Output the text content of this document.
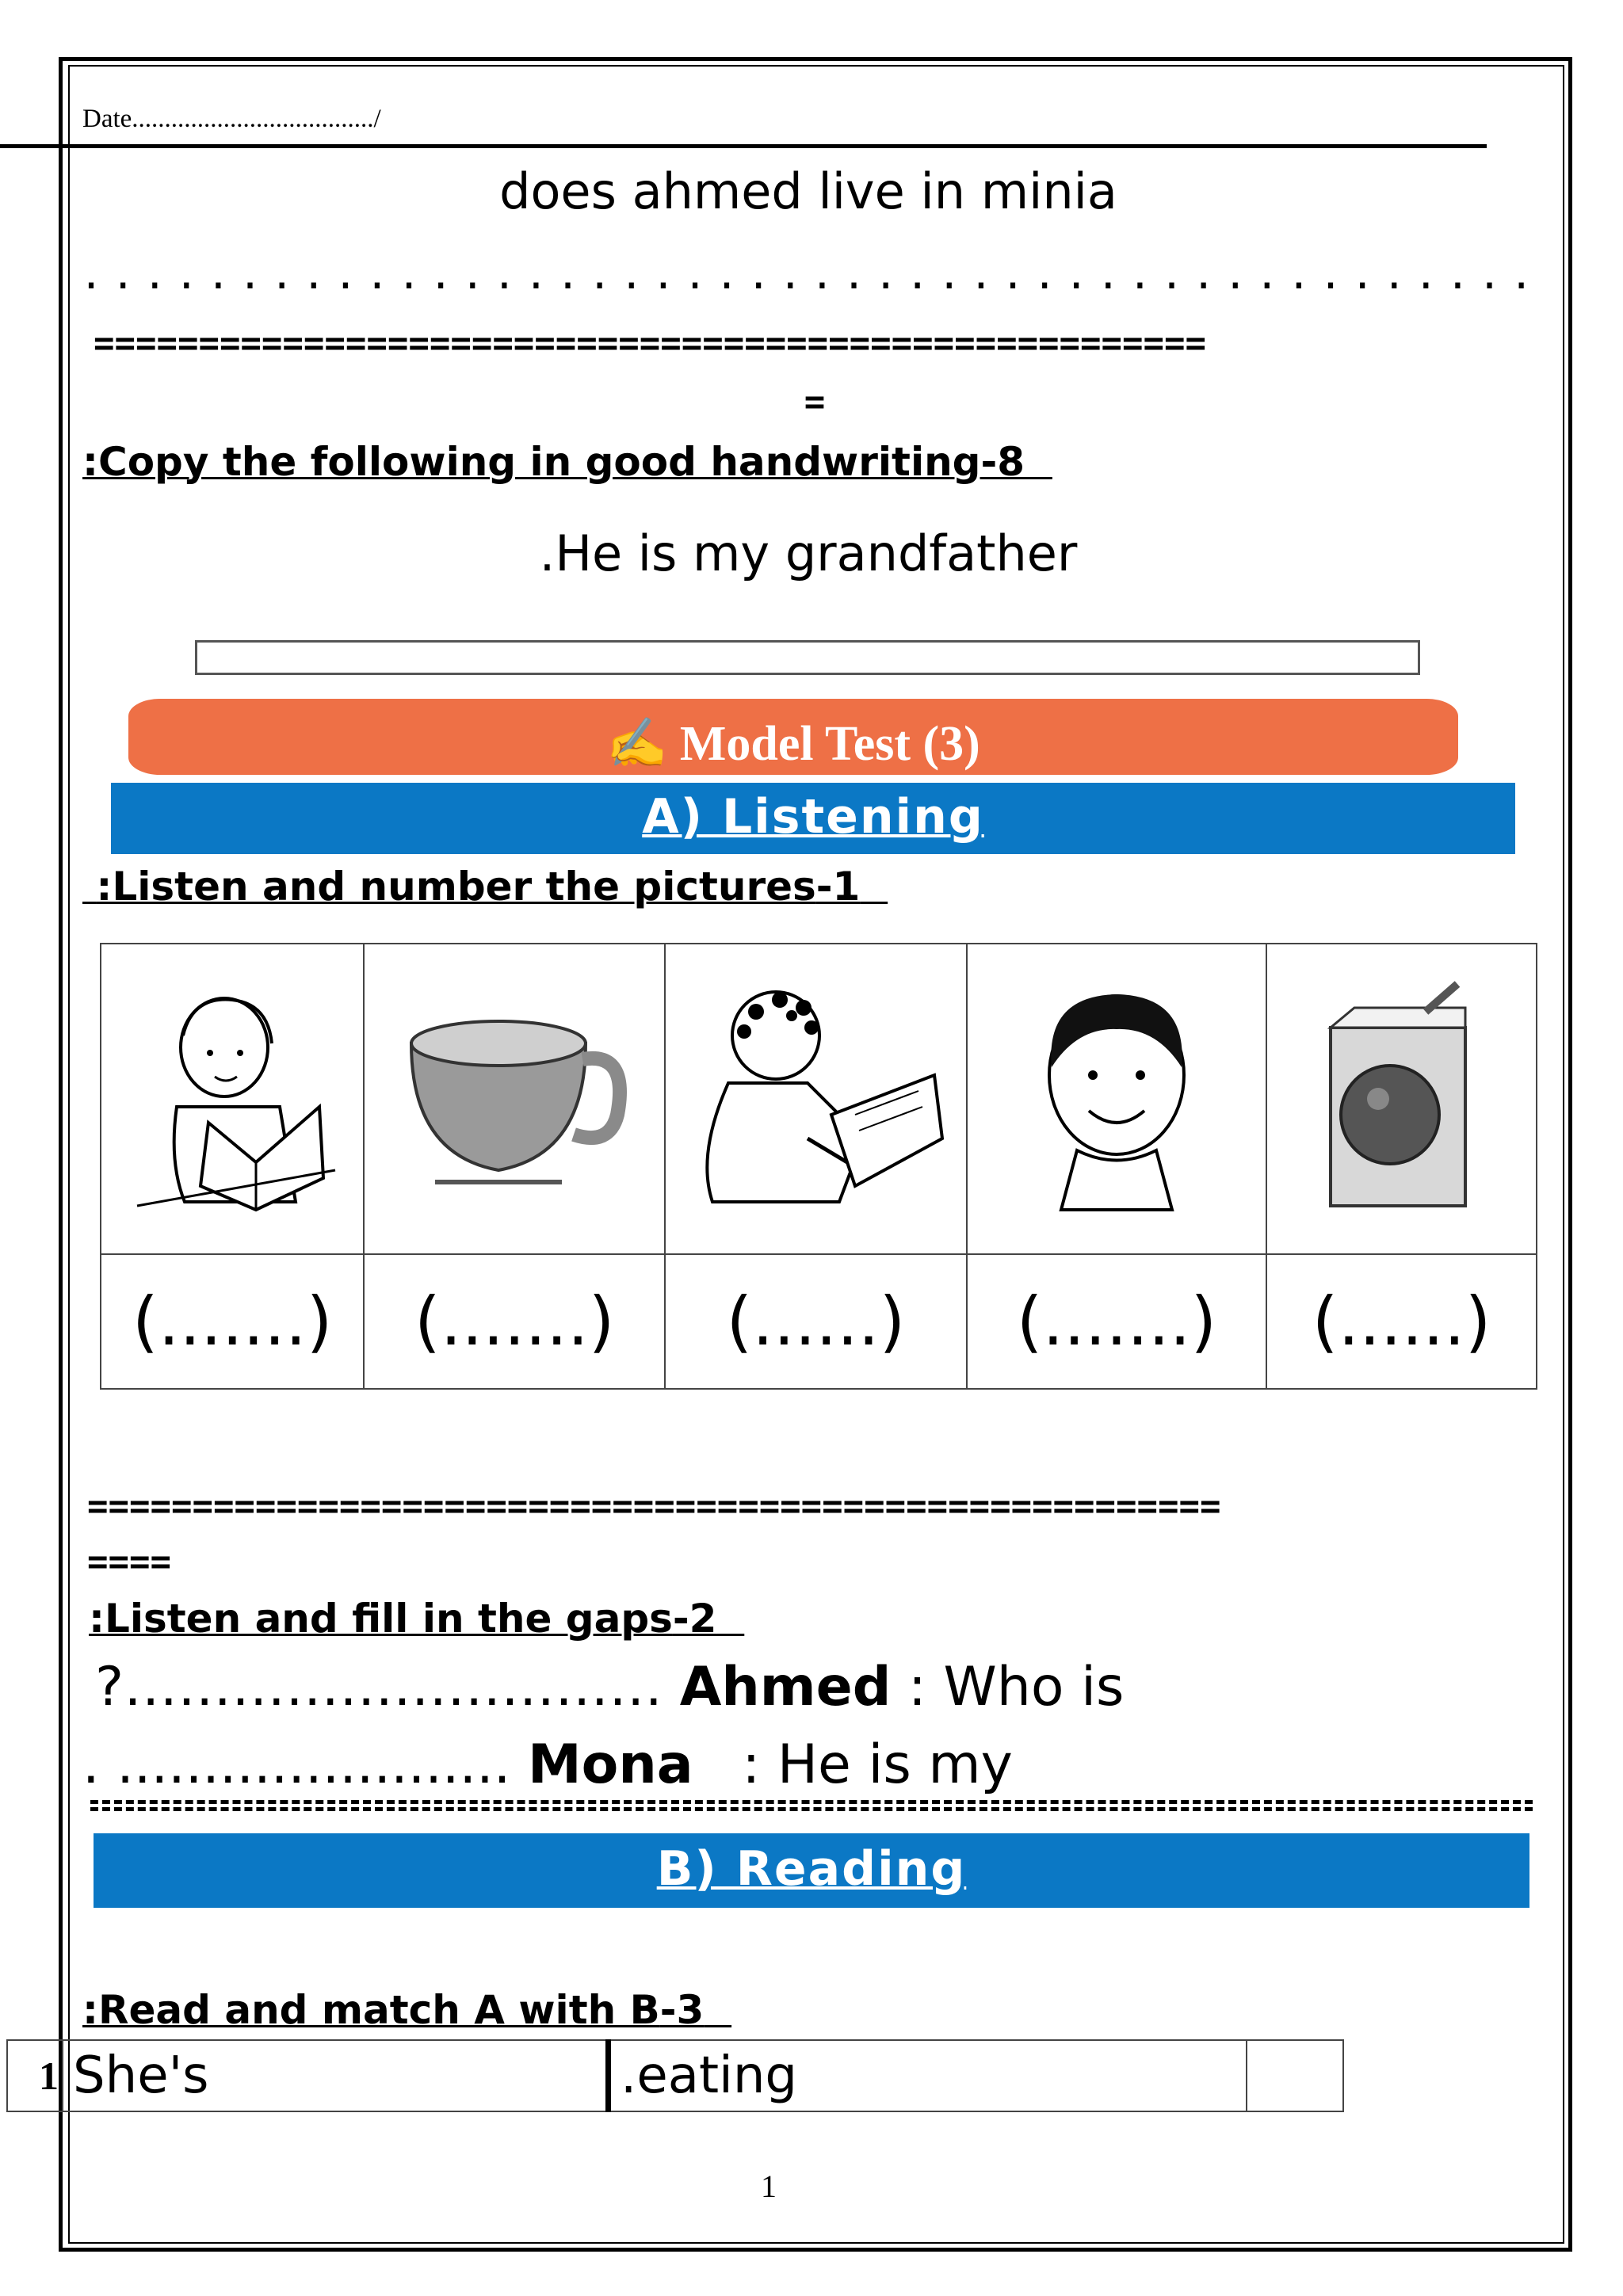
Date...................................../
does ahmed live in minia
..............................................
=====================================================
=
:Copy the following in good handwriting-8
.He is my grandfather
✍ Model Test (3)
A) Listening
:Listen and number the pictures-1

(.......)	(.......)	(......)	(.......)	(......)
======================================================
====
:Listen and fill in the gaps-2
?………………………… Ahmed : Who is
. ....................... Mona : He is my
B) Reading
:Read and match A with B-3
1	She's	.eating	
1
